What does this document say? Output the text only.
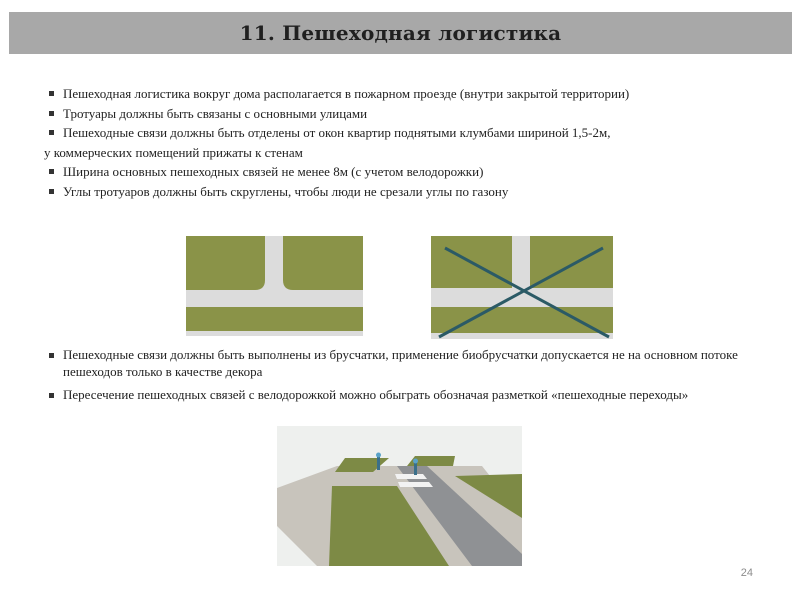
11. Пешеходная логистика
Пешеходная логистика вокруг дома располагается в пожарном проезде (внутри закрытой территории)
Тротуары должны быть связаны с основными улицами
Пешеходные связи должны быть отделены от окон квартир поднятыми клумбами шириной 1,5-2м,
у коммерческих помещений прижаты к стенам
Ширина основных пешеходных связей не менее 8м (с учетом велодорожки)
Углы тротуаров должны быть скруглены, чтобы люди не срезали углы по газону
Пешеходные связи должны быть выполнены из брусчатки, применение биобрусчатки допускается не на основном потоке пешеходов только в качестве декора
Пересечение пешеходных связей с велодорожкой можно обыграть обозначая разметкой «пешеходные переходы»
24
